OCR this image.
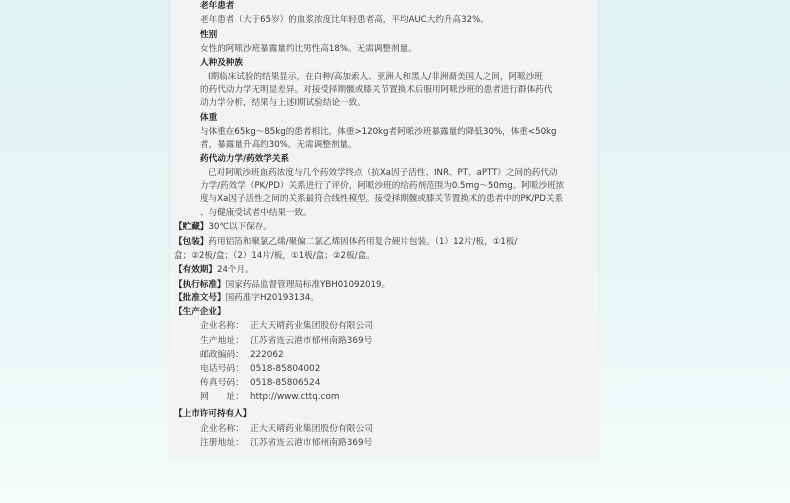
老年患者
老年患者（大于65岁）的血浆浓度比年轻患者高，平均AUC大约升高32%。
性别
女性的阿哌沙班暴露量约比男性高18%。无需调整剂量。
人种及种族
Ⅰ期临床试验的结果显示，在白种/高加索人、亚洲人和黑人/非洲裔美国人之间，阿哌沙班
的药代动力学无明显差异。对接受择期髋或膝关节置换术后服用阿哌沙班的患者进行群体药代
动力学分析，结果与上述Ⅰ期试验结论一致。
体重
与体重在65kg～85kg的患者相比，体重>120kg者阿哌沙班暴露量约降低30%，体重<50kg
者，暴露量升高约30%。无需调整剂量。
药代动力学/药效学关系
已对阿哌沙班血药浓度与几个药效学终点（抗Xa因子活性、INR、PT、aPTT）之间的药代动
力学/药效学（PK/PD）关系进行了评价，阿哌沙班的给药剂范围为0.5mg～50mg。阿哌沙班浓
度与Xa因子活性之间的关系最符合线性模型。接受择期髋或膝关节置换术的患者中的PK/PD关系
、与健康受试者中结果一致。
【贮藏】30℃以下保存。
【包装】药用铝箔和聚氯乙烯/聚偏二氯乙烯固体药用复合硬片包装。（1）12片/板，①1板/
盒；②2板/盒；（2）14片/板，①1板/盒；②2板/盒。
【有效期】24个月。
【执行标准】国家药品监督管理局标准YBH01092019。
【批准文号】国药准字H20193134。
【生产企业】
企业名称： 正大天晴药业集团股份有限公司
生产地址： 江苏省连云港市郁州南路369号
邮政编码： 222062
电话号码： 0518-85804002
传真号码： 0518-85806524
网　　址： http://www.cttq.com
【上市许可持有人】
企业名称： 正大天晴药业集团股份有限公司
注册地址： 江苏省连云港市郁州南路369号
